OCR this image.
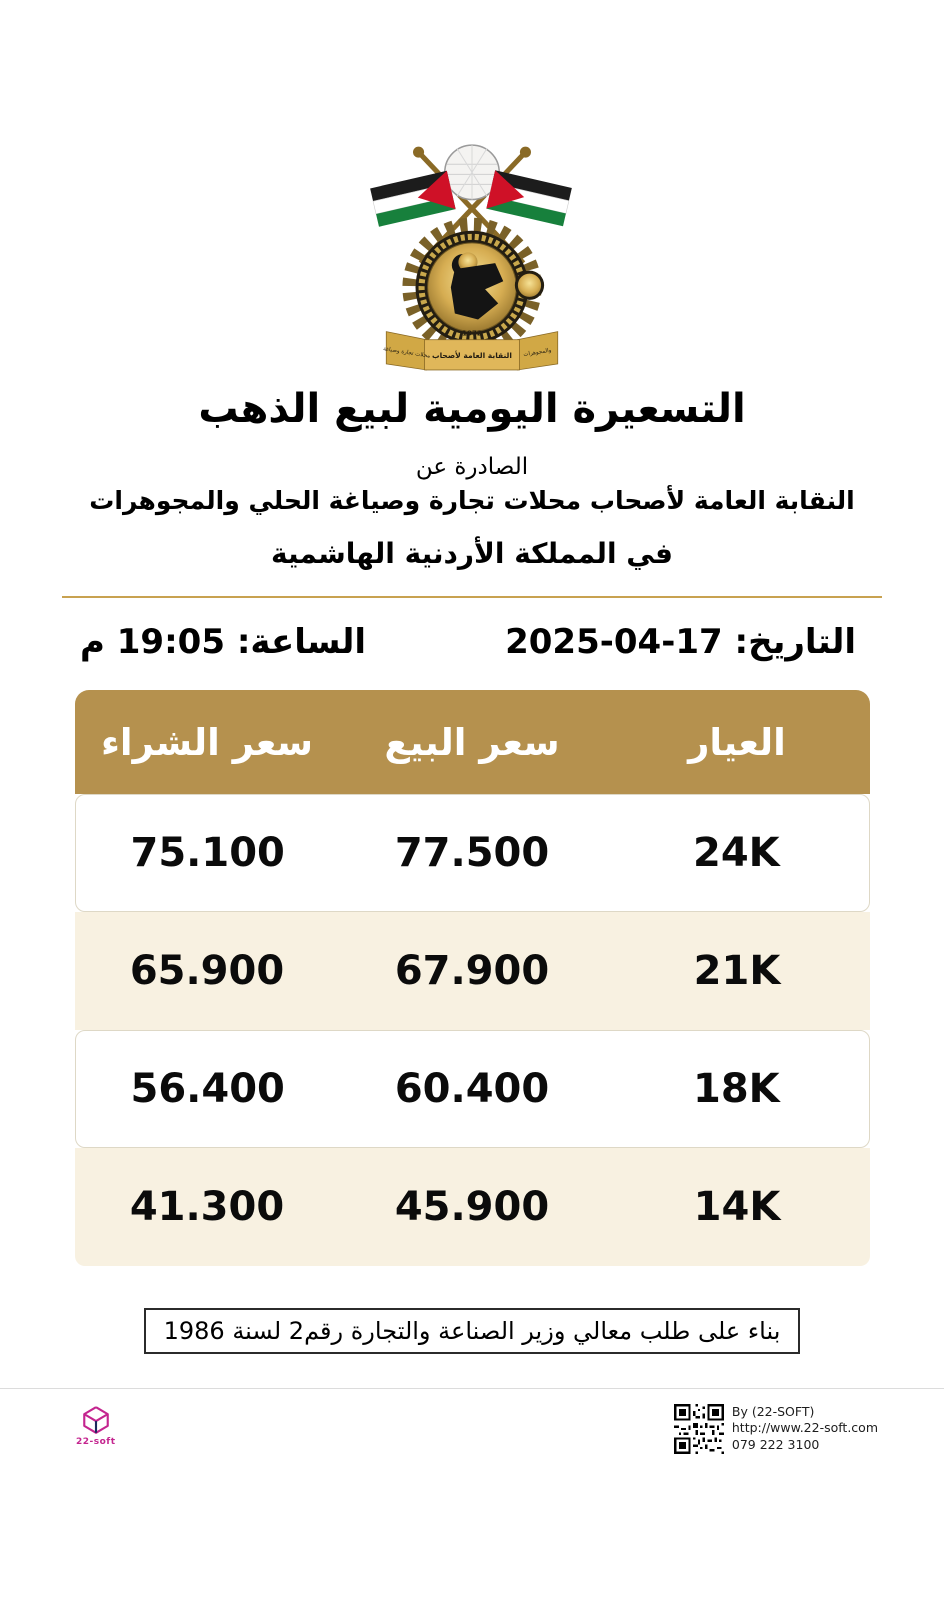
1972
النقابة العامة لأصحاب
محلات تجارة وصياغة	والمجوهرات
التسعيرة اليومية لبيع الذهب
الصادرة عن
النقابة العامة لأصحاب محلات تجارة وصياغة الحلي والمجوهرات
في المملكة الأردنية الهاشمية
التاريخ: 17-04-2025
الساعة: 19:05 م
العيار
سعر البيع
سعر الشراء
24K
77.500
75.100
21K
67.900
65.900
18K
60.400
56.400
14K
45.900
41.300
بناء على طلب معالي وزير الصناعة والتجارة رقم2 لسنة 1986
22-soft
By (22-SOFT)
http://www.22-soft.com
079 222 3100
